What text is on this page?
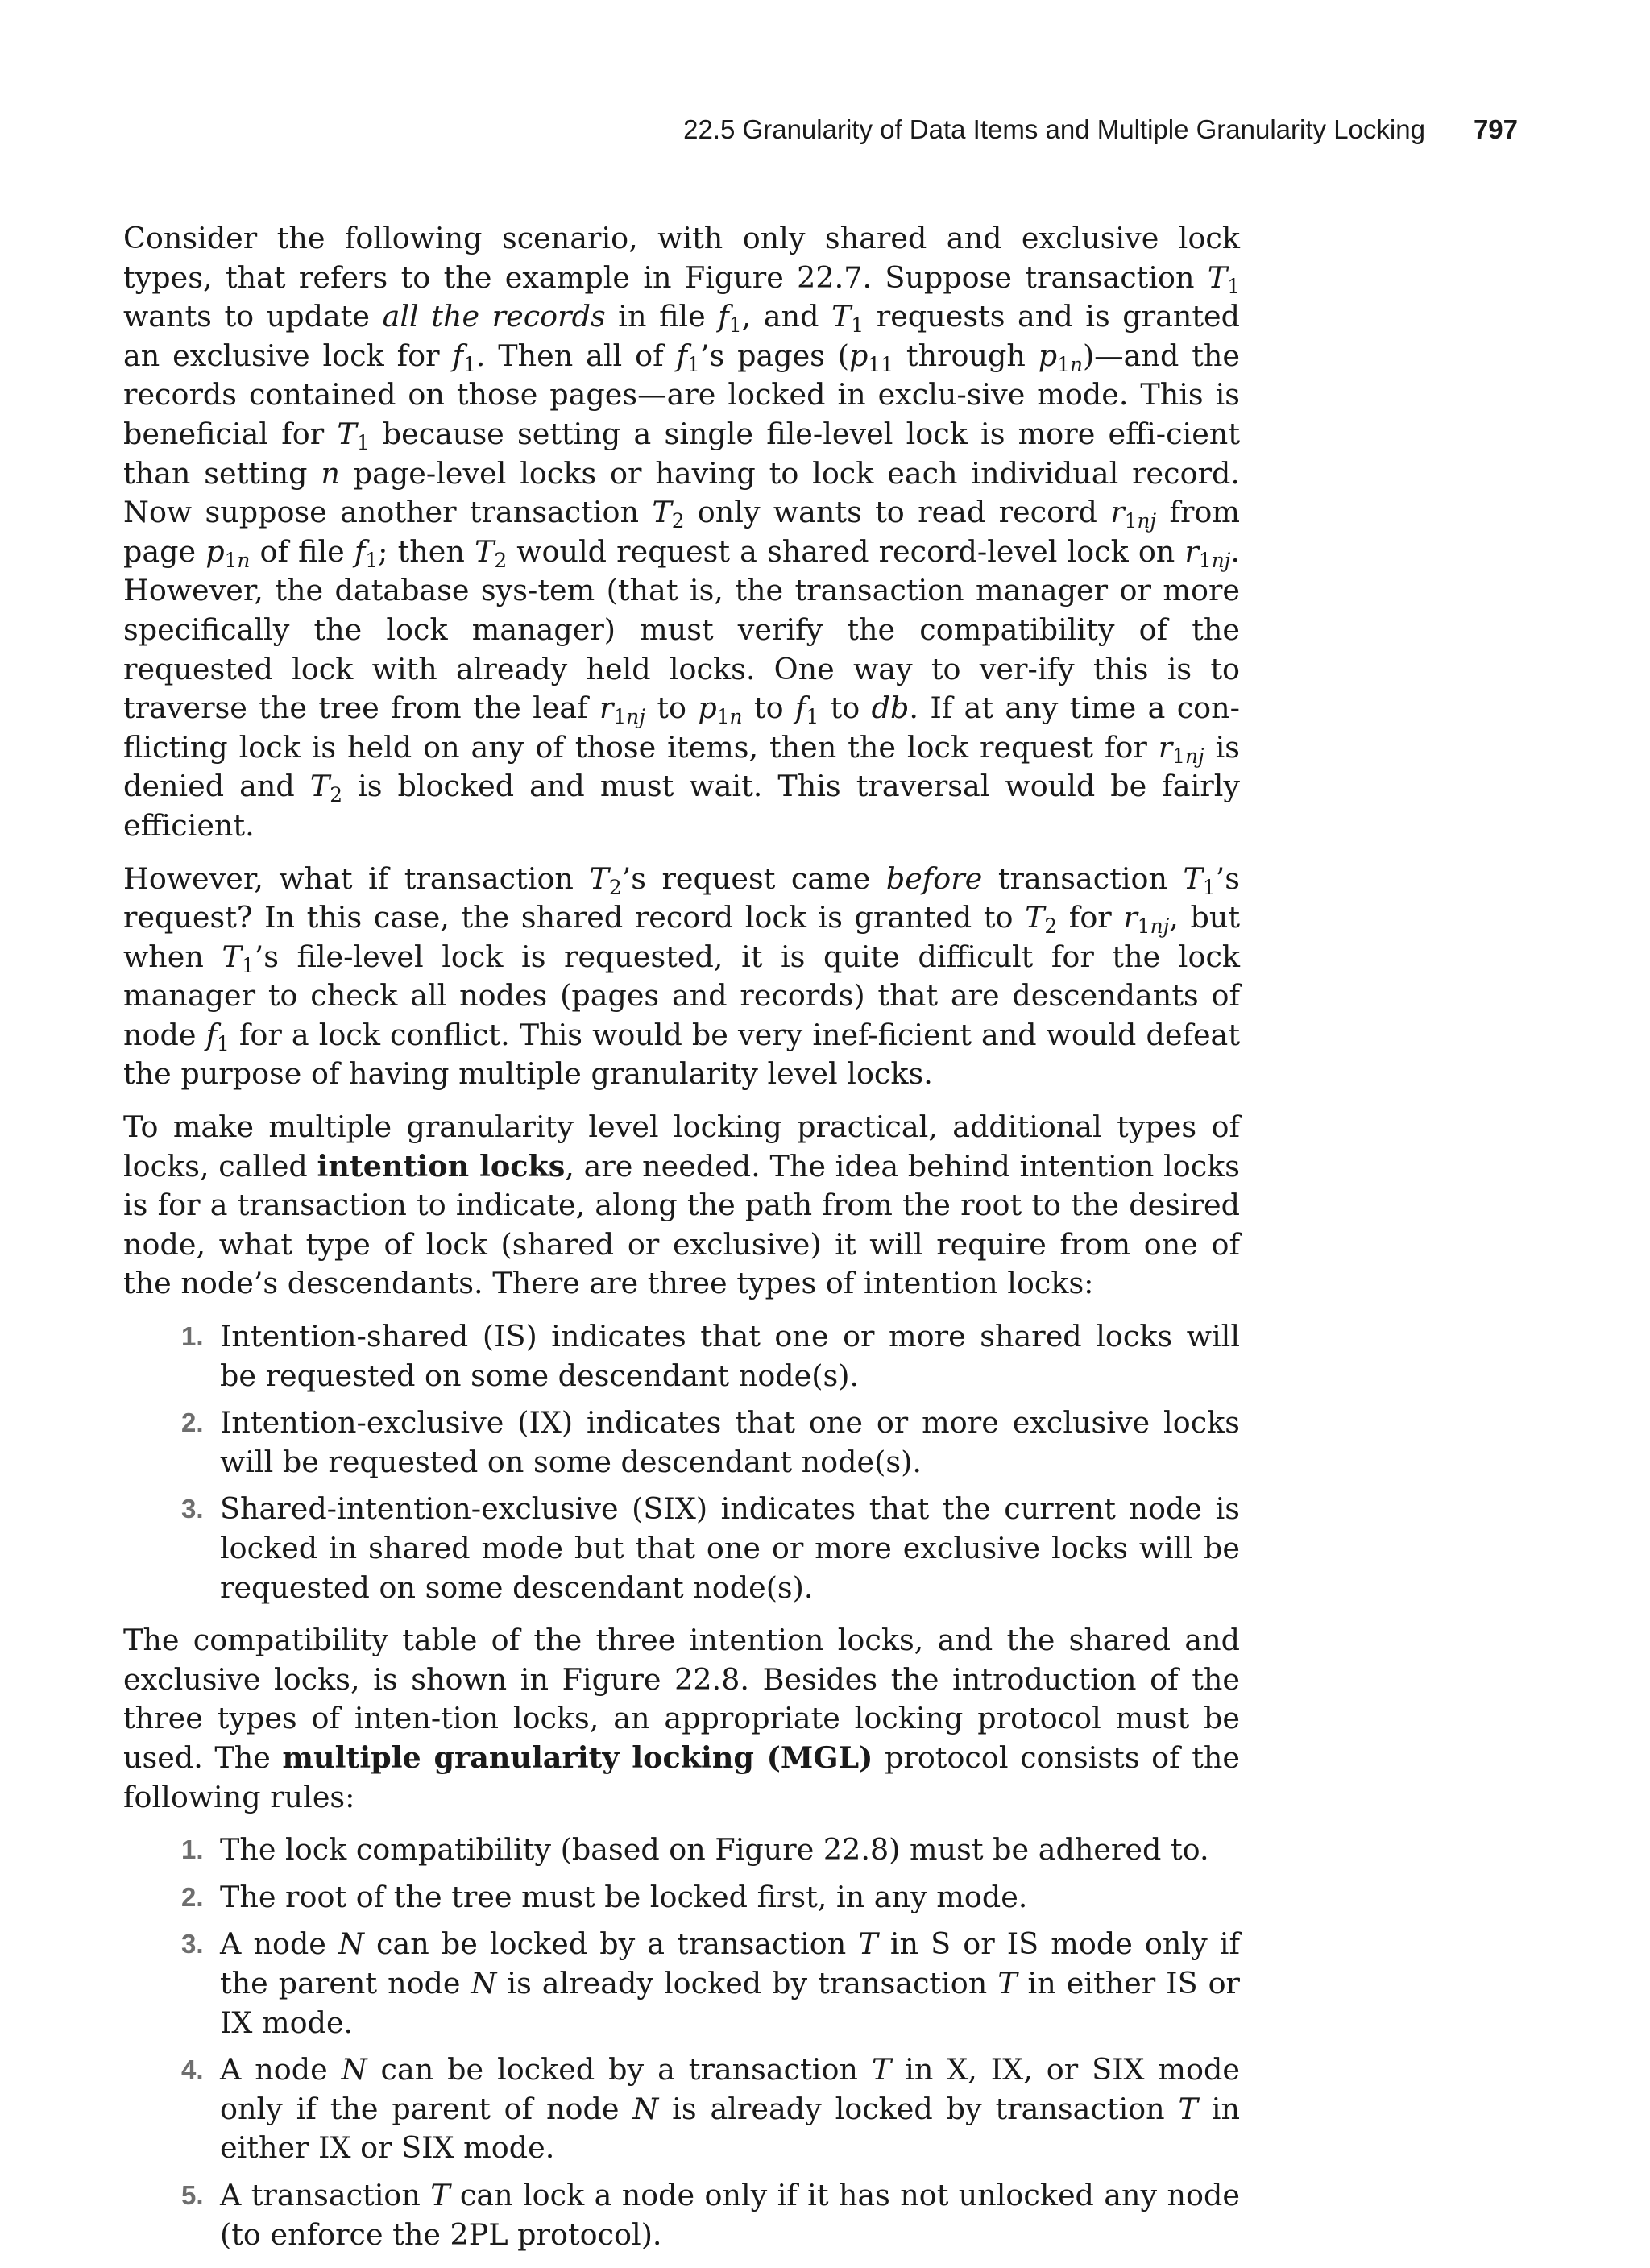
22.5 Granularity of Data Items and Multiple Granularity Locking 797

Consider the following scenario, with only shared and exclusive lock types, that refers to the example in Figure 22.7. Suppose transaction $T_1$ wants to update all the records in file $f_1$, and $T_1$ requests and is granted an exclusive lock for $f_1$. Then all of $f_1’s$ pages ($p_{11}$ through $p_{1n})—and$ the records contained on those pages—are locked in exclu-​sive mode. This is beneficial for $T_1$ because setting a single file-level lock is more effi-​cient than setting n page-level locks or having to lock each individual record. Now suppose another transaction $T_2$ only wants to read record $r_{1nj}$ from page $p_{1n}$ of file $f_1$; then $T_2$ would request a shared record-level lock on $r_{1nj}$. However, the database sys-​tem (that is, the transaction manager or more specifically the lock manager) must verify the compatibility of the requested lock with already held locks. One way to ver-​ify this is to traverse the tree from the leaf $r_{1nj}$ to $p_{1n}$ to $f_1$ to db. If at any time a con-​flicting lock is held on any of those items, then the lock request for $r_{1nj}$ is denied and $T_2$ is blocked and must wait. This traversal would be fairly efficient.

However, what if transaction $T_2’s$ request came before transaction $T_1’s$ request? In this case, the shared record lock is granted to $T_2$ for $r_{1nj}$, but when $T_1’s$ file-level lock is requested, it is quite difficult for the lock manager to check all nodes (pages and records) that are descendants of node $f_1$ for a lock conflict. This would be very inef-​ficient and would defeat the purpose of having multiple granularity level locks.

To make multiple granularity level locking practical, additional types of locks, called intention locks, are needed. The idea behind intention locks is for a transaction to indicate, along the path from the root to the desired node, what type of lock (shared or exclusive) it will require from one of the node’s descendants. There are three types of intention locks:

1. Intention-shared (IS) indicates that one or more shared locks will be requested on some descendant node(s).
2. Intention-exclusive (IX) indicates that one or more exclusive locks will be requested on some descendant node(s).
3. Shared-intention-exclusive (SIX) indicates that the current node is locked in shared mode but that one or more exclusive locks will be requested on some descendant node(s).

The compatibility table of the three intention locks, and the shared and exclusive locks, is shown in Figure 22.8. Besides the introduction of the three types of inten-​tion locks, an appropriate locking protocol must be used. The multiple granularity locking (MGL) protocol consists of the following rules:

1. The lock compatibility (based on Figure 22.8) must be adhered to.
2. The root of the tree must be locked first, in any mode.
3. A node N can be locked by a transaction T in S or IS mode only if the parent node N is already locked by transaction T in either IS or IX mode.
4. A node N can be locked by a transaction T in X, IX, or SIX mode only if the parent of node N is already locked by transaction T in either IX or SIX mode.
5. A transaction T can lock a node only if it has not unlocked any node (to enforce the 2PL protocol).
